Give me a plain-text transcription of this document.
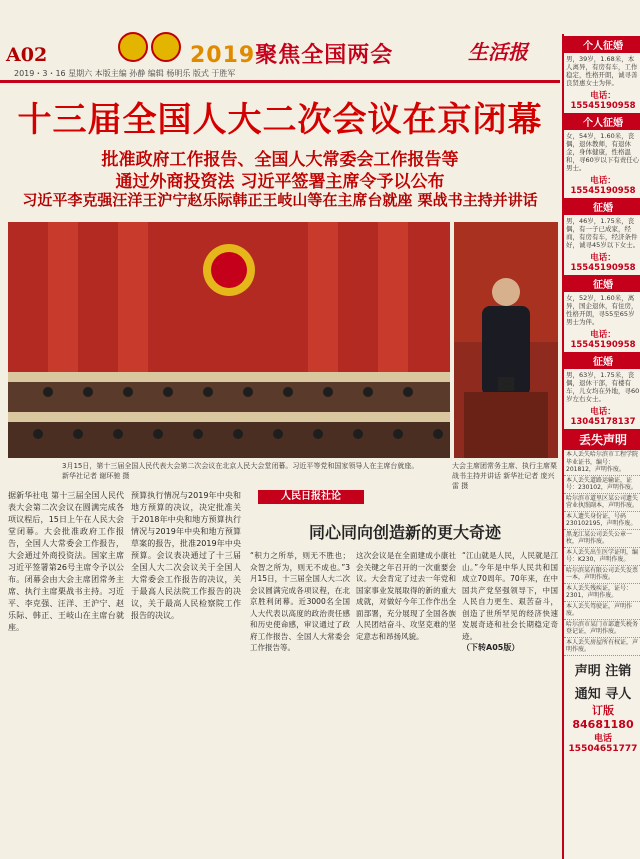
A02	2019聚焦全国两会	生活报
2019・3・16 星期六 本版主编 孙静 编辑 杨明乐 版式 于胜军
十三届全国人大二次会议在京闭幕
批准政府工作报告、全国人大常委会工作报告等
通过外商投资法 习近平签署主席令予以公布
习近平李克强汪洋王沪宁赵乐际韩正王岐山等在主席台就座 栗战书主持并讲话
3月15日，第十三届全国人民代表大会第二次会议在北京人民大会堂闭幕。习近平等党和国家领导人在主席台就座。 新华社记者 谢环驰 摄
大会主席团常务主席、执行主席栗战书主持并讲话 新华社记者 庞兴雷 摄
据新华社电 第十三届全国人民代表大会第二次会议在圆满完成各项议程后，15日上午在人民大会堂闭幕。大会批准政府工作报告，全国人大常委会工作报告，大会通过外商投资法。国家主席习近平签署第26号主席令予以公布。闭幕会由大会主席团常务主席、执行主席栗战书主持。习近平、李克强、汪洋、王沪宁、赵乐际、韩正、王岐山在主席台就座。
预算执行情况与2019年中央和地方预算的决议，决定批准关于2018年中央和地方预算执行情况与2019年中央和地方预算草案的报告，批准2019年中央预算。会议表决通过了十三届全国人大二次会议关于全国人大常委会工作报告的决议，关于最高人民法院工作报告的决议，关于最高人民检察院工作报告的决议。
人民日报社论
同心同向创造新的更大奇迹
“积力之所举，则无不胜也；众智之所为，则无不成也。”3月15日，十三届全国人大二次会议圆满完成各项议程，在北京胜利闭幕。近3000名全国人大代表以高度的政治责任感和历史使命感，审议通过了政府工作报告、全国人大常委会工作报告等。
这次会议是在全面建成小康社会关键之年召开的一次重要会议。大会肯定了过去一年党和国家事业发展取得的新的重大成就，对做好今年工作作出全面部署，充分展现了全国各族人民团结奋斗、攻坚克难的坚定意志和昂扬风貌。
“江山就是人民，人民就是江山。”今年是中华人民共和国成立70周年。70年来，在中国共产党坚强领导下，中国人民自力更生、艰苦奋斗，创造了世所罕见的经济快速发展奇迹和社会长期稳定奇迹。
（下转A05版）
个人征婚
男，39岁，1.68米，本人离异，有房有车，工作稳定，性格开朗，诚寻善良贤惠女士为伴。
电话：15545190958
个人征婚
女，54岁，1.60米，丧偶，退休教师，有退休金，身体健康，性格温和，寻60岁以下有责任心男士。
电话：15545190958
征婚
男，46岁，1.75米，丧偶，有一子已成家，经商，有房有车，经济条件好，诚寻45岁以下女士。
电话：15545190958
征婚
女，52岁，1.60米，离异，国企退休，有住房，性格开朗，寻55至65岁男士为伴。
电话：15545190958
征婚
男，63岁，1.75米，丧偶，退休干部，有楼有车，儿女均在外地，寻60岁左右女士。
电话：13045178137
丢失声明
本人丢失哈尔滨市工程学院毕业证书，编号：201812，声明作废。
本人丢失道路运输证，证号：230102，声明作废。
哈尔滨市道里区某公司遗失营业执照副本，声明作废。
本人遗失身份证，号码230102195，声明作废。
黑龙江某公司丢失公章一枚，声明作废。
本人丢失出生医学证明，编号：K230，声明作废。
哈尔滨某有限公司丢失发票一本，声明作废。
本人丢失残疾证，证号：2301，声明作废。
本人丢失驾驶证，声明作废。
哈尔滨市某门市部遗失税务登记证，声明作废。
本人丢失房屋所有权证，声明作废。
声明 注销
通知 寻人
订版 84681180
电话 15504651777
